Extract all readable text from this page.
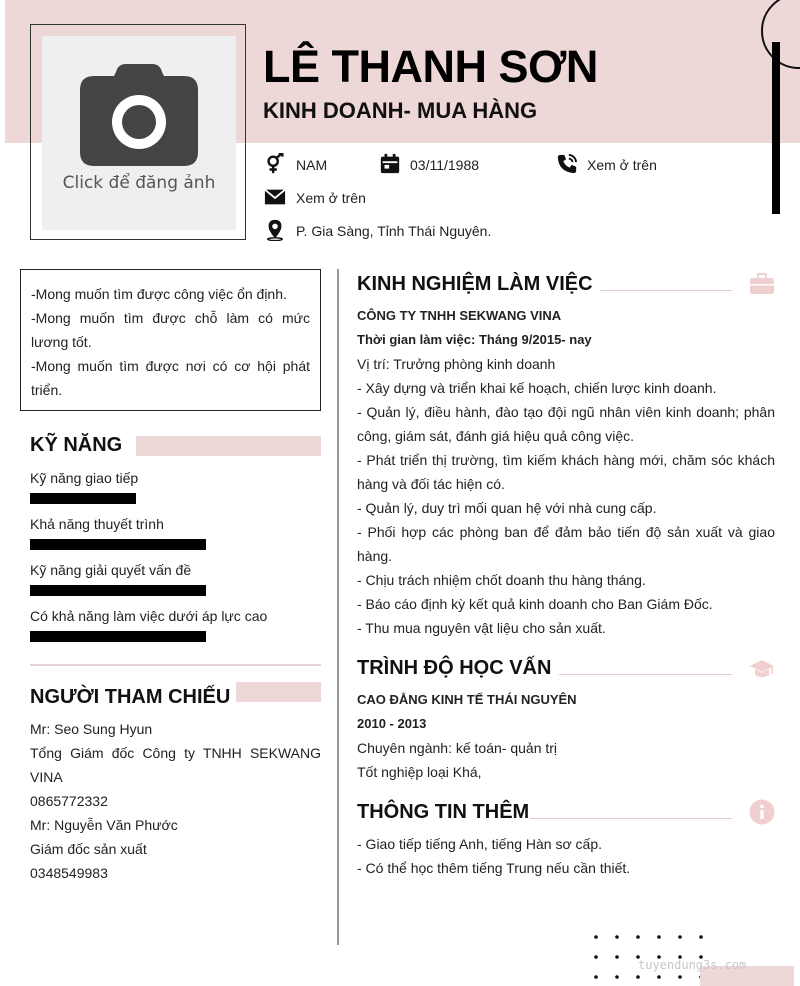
Click để đăng ảnh
LÊ THANH SƠN
KINH DOANH- MUA HÀNG
NAM	03/11/1988	Xem ở trên
Xem ở trên
P. Gia Sàng, Tỉnh Thái Nguyên.

-Mong muốn tìm được công việc ổn định.

-Mong muốn tìm được chỗ làm có mức lương tốt.

-Mong muốn tìm được nơi có cơ hội phát triển.

KỸ NĂNG
Kỹ năng giao tiếp
Khả năng thuyết trình
Kỹ năng giải quyết vấn đề
Có khả năng làm việc dưới áp lực cao
NGƯỜI THAM CHIẾU
Mr: Seo Sung Hyun
Tổng Giám đốc Công ty TNHH SEKWANG VINA
0865772332
Mr: Nguyễn Văn Phước
Giám đốc sản xuất
0348549983
KINH NGHIỆM LÀM VIỆC
CÔNG TY TNHH SEKWANG VINA
Thời gian làm việc: Tháng 9/2015- nay
Vị trí: Trưởng phòng kinh doanh
- Xây dựng và triển khai kế hoạch, chiến lược kinh doanh.
- Quản lý, điều hành, đào tạo đội ngũ nhân viên kinh doanh; phân công, giám sát, đánh giá hiệu quả công việc.
- Phát triển thị trường, tìm kiếm khách hàng mới, chăm sóc khách hàng và đối tác hiện có.
- Quản lý, duy trì mối quan hệ với nhà cung cấp.
- Phối hợp các phòng ban để đảm bảo tiến độ sản xuất và giao hàng.
- Chịu trách nhiệm chốt doanh thu hàng tháng.
- Báo cáo định kỳ kết quả kinh doanh cho Ban Giám Đốc.
- Thu mua nguyên vật liệu cho sản xuất.
TRÌNH ĐỘ HỌC VẤN
CAO ĐẲNG KINH TẾ THÁI NGUYÊN
2010 - 2013
Chuyên ngành: kế toán- quản trị
Tốt nghiệp loại Khá,
THÔNG TIN THÊM
- Giao tiếp tiếng Anh, tiếng Hàn sơ cấp.
- Có thể học thêm tiếng Trung nếu cần thiết.
tuyendung3s.com
